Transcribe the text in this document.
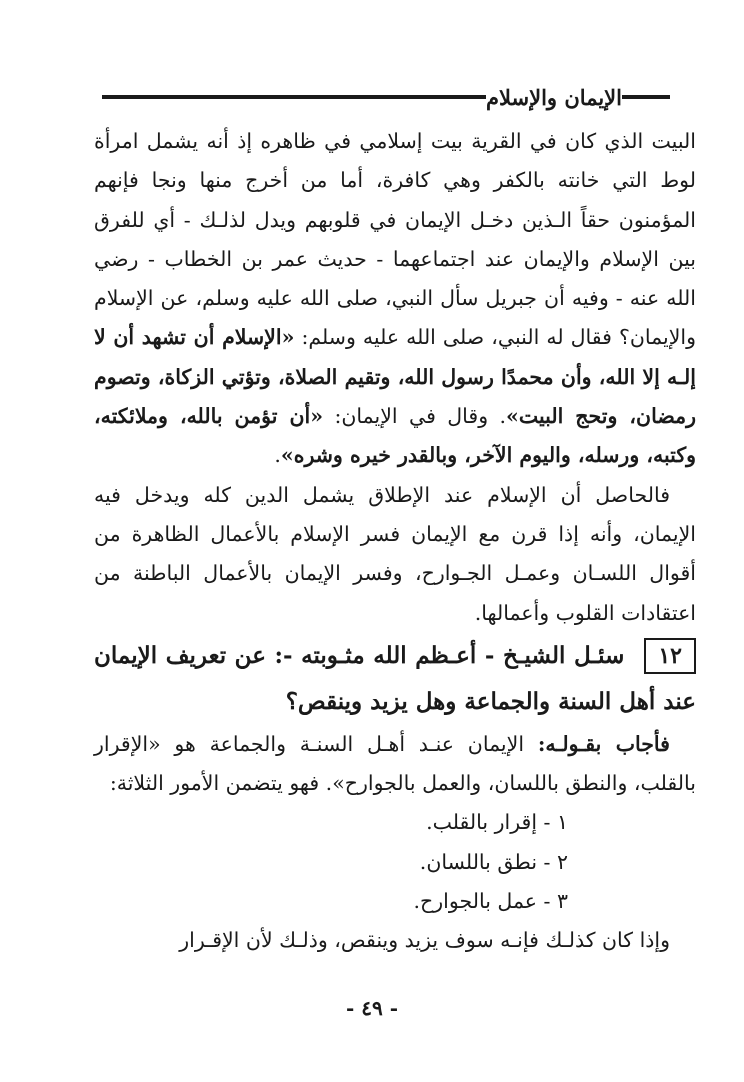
الإيمان والإسلام

البيت الذي كان في القرية بيت إسلامي في ظاهره إذ أنه يشمل امرأة لوط التي خانته بالكفر وهي كافرة، أما من أخرج منها ونجا فإنهم المؤمنون حقاً الـذين دخـل الإيمان في قلوبهم ويدل لذلـك - أي للفرق بين الإسلام والإيمان عند اجتماعهما - حديث عمر بن الخطاب - رضي الله عنه - وفيه أن جبريل سأل النبي، صلى الله عليه وسلم، عن الإسلام والإيمان؟ فقال له النبي، صلى الله عليه وسلم: «الإسلام أن تشهد أن لا إلـه إلا الله، وأن محمدًا رسول الله، وتقيم الصلاة، وتؤتي الزكاة، وتصوم رمضان، وتحج البيت». وقال في الإيمان: «أن تؤمن بالله، وملائكته، وكتبه، ورسله، واليوم الآخر، وبالقدر خيره وشره».

فالحاصل أن الإسلام عند الإطلاق يشمل الدين كله ويدخل فيه الإيمان، وأنه إذا قرن مع الإيمان فسر الإسلام بالأعمال الظاهرة من أقوال اللسـان وعمـل الجـوارح، وفسر الإيمان بالأعمال الباطنة من اعتقادات القلوب وأعمالها.

١٢سئـل الشيـخ - أعـظم الله مثـوبته -: عن تعريف الإيمان عند أهل السنة والجماعة وهل يزيد وينقص؟

فأجاب بقـولـه: الإيمان عنـد أهـل السنـة والجماعة هو «الإقرار بالقلب، والنطق باللسان، والعمل بالجوارح». فهو يتضمن الأمور الثلاثة:

١ - إقرار بالقلب.
٢ - نطق باللسان.
٣ - عمل بالجوارح.

وإذا كان كذلـك فإنـه سوف يزيد وينقص، وذلـك لأن الإقـرار

- ٤٩ -
